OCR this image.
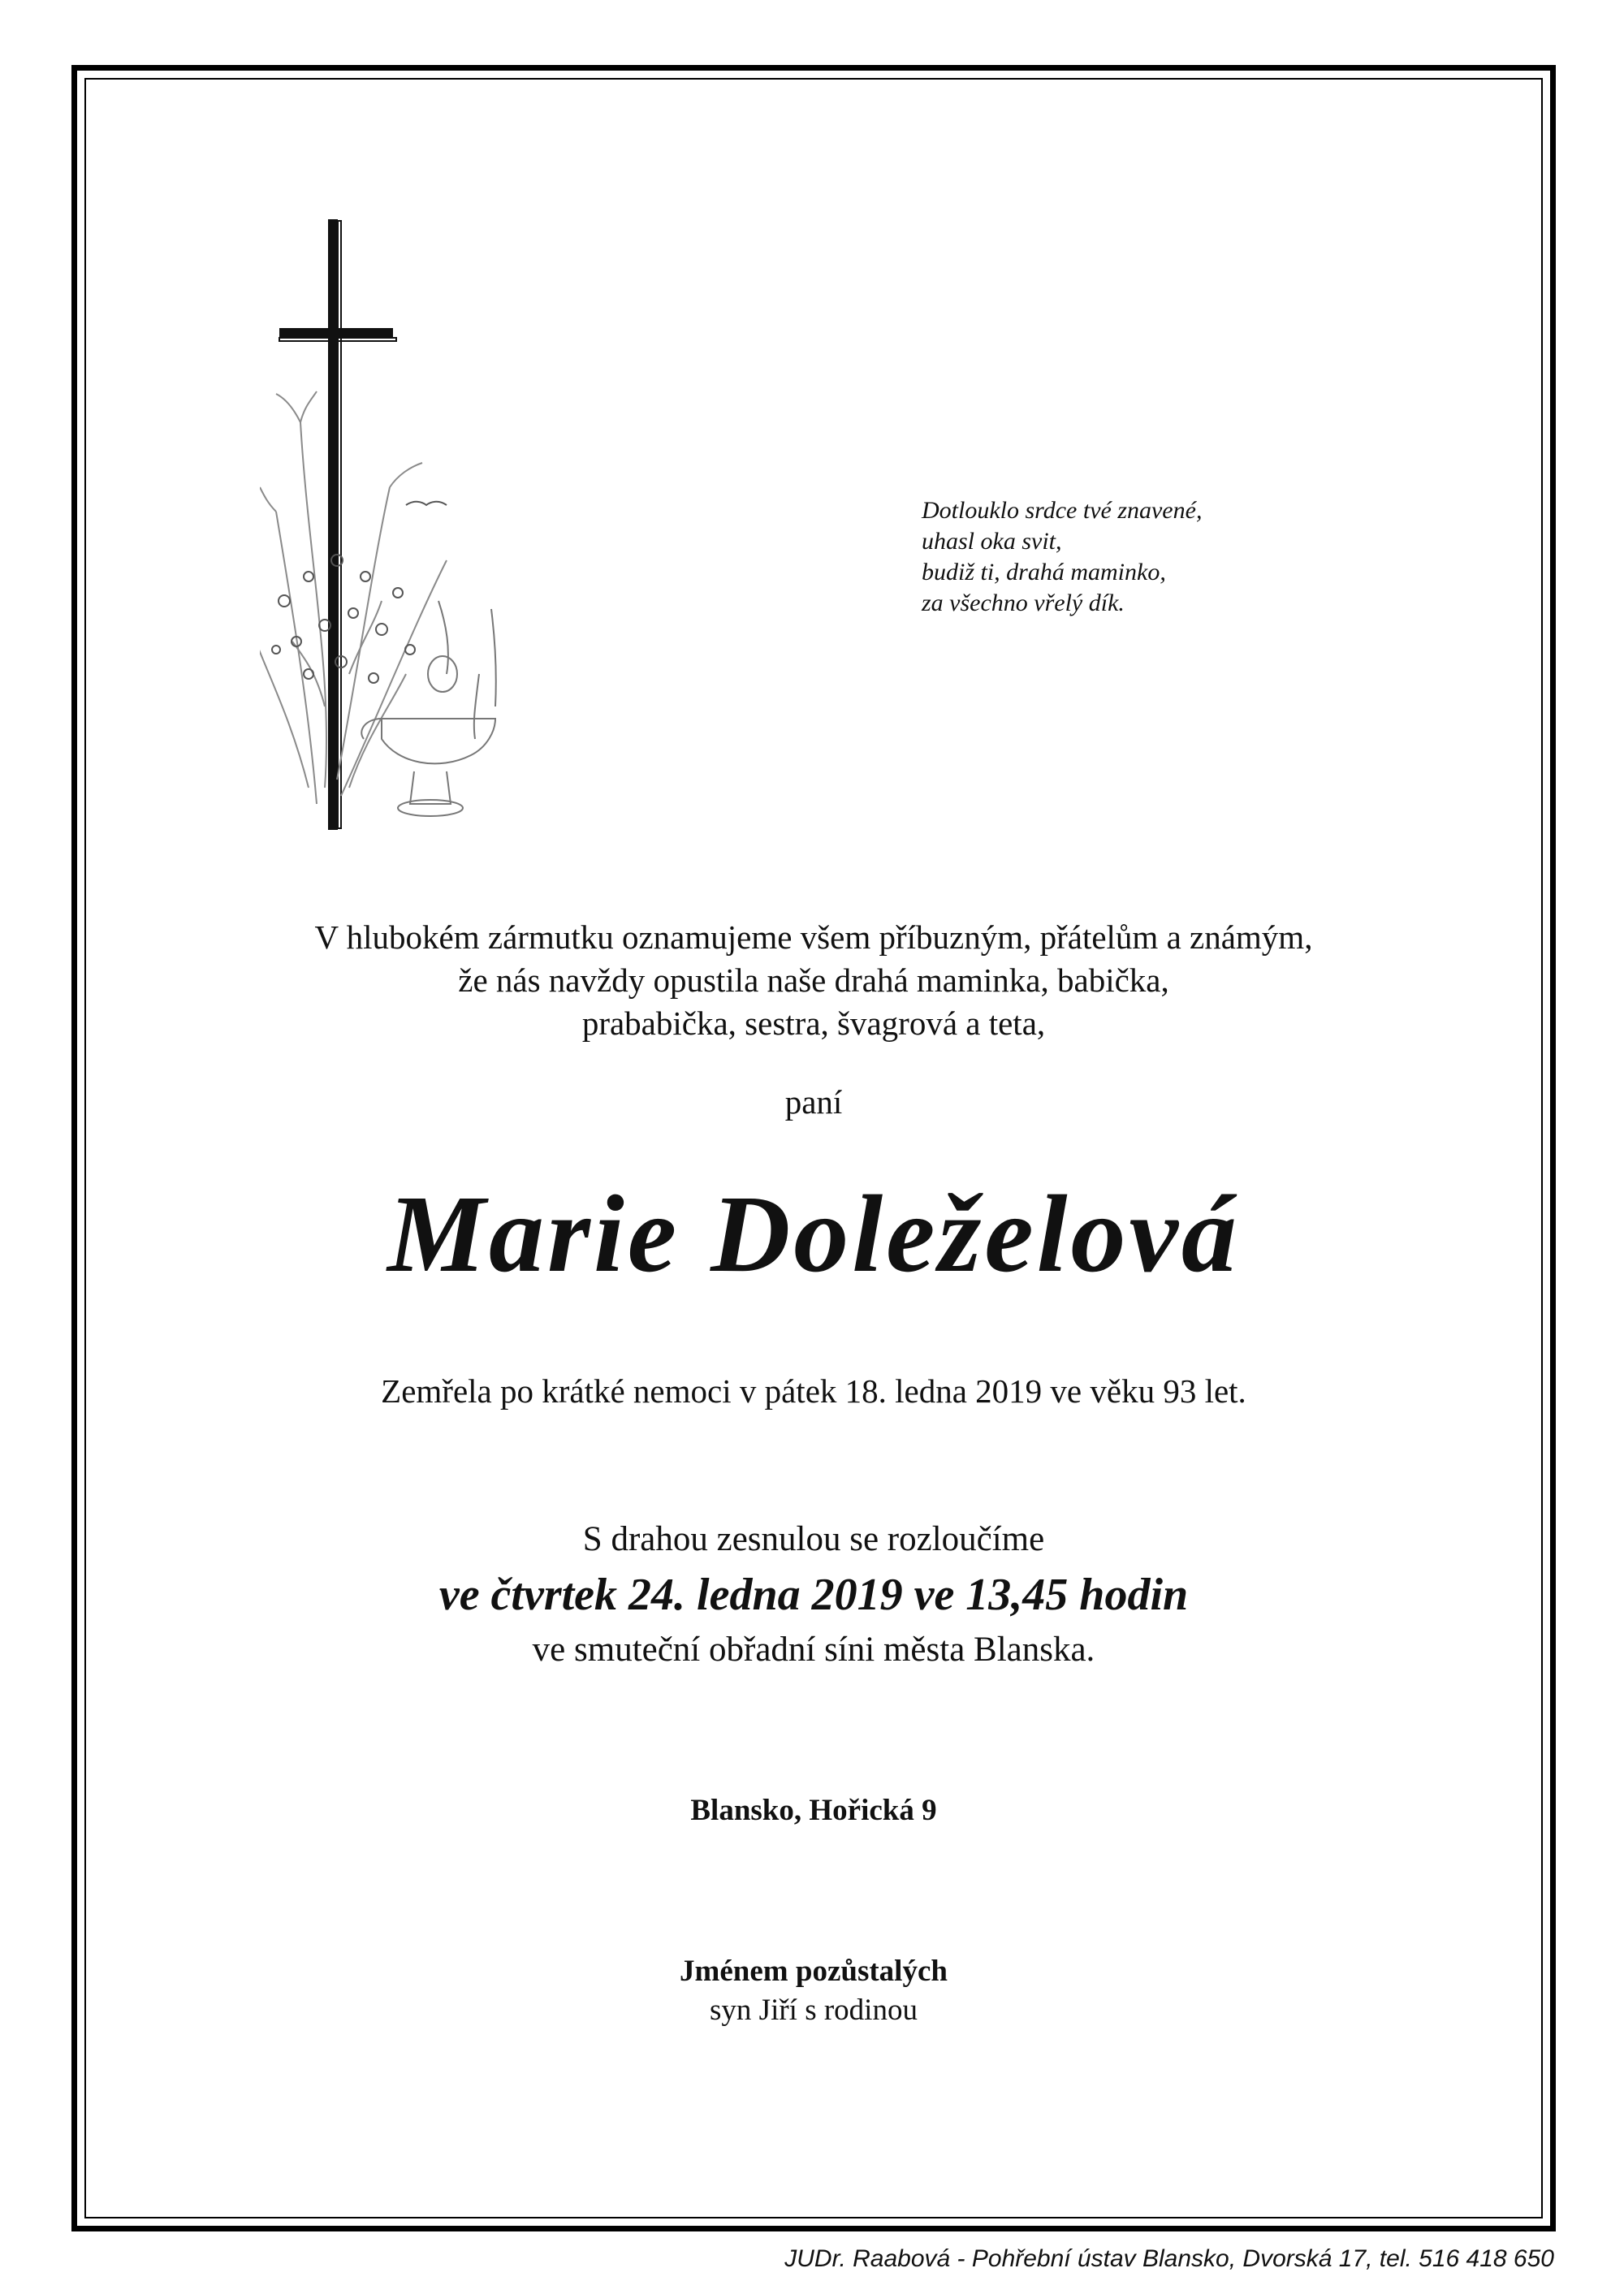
Dotlouklo srdce tvé znavené,
uhasl oka svit,
budiž ti, drahá maminko,
za všechno vřelý dík.
V hlubokém zármutku oznamujeme všem příbuzným, přátelům a známým,
že nás navždy opustila naše drahá maminka, babička,
prababička, sestra, švagrová a teta,
paní
Marie Doleželová
Zemřela po krátké nemoci v pátek 18. ledna 2019 ve věku 93 let.
S drahou zesnulou se rozloučíme
ve čtvrtek 24. ledna 2019 ve 13,45 hodin
ve smuteční obřadní síni města Blanska.
Blansko, Hořická 9
Jménem pozůstalých
syn Jiří s rodinou
JUDr. Raabová - Pohřební ústav Blansko, Dvorská 17, tel. 516 418 650
